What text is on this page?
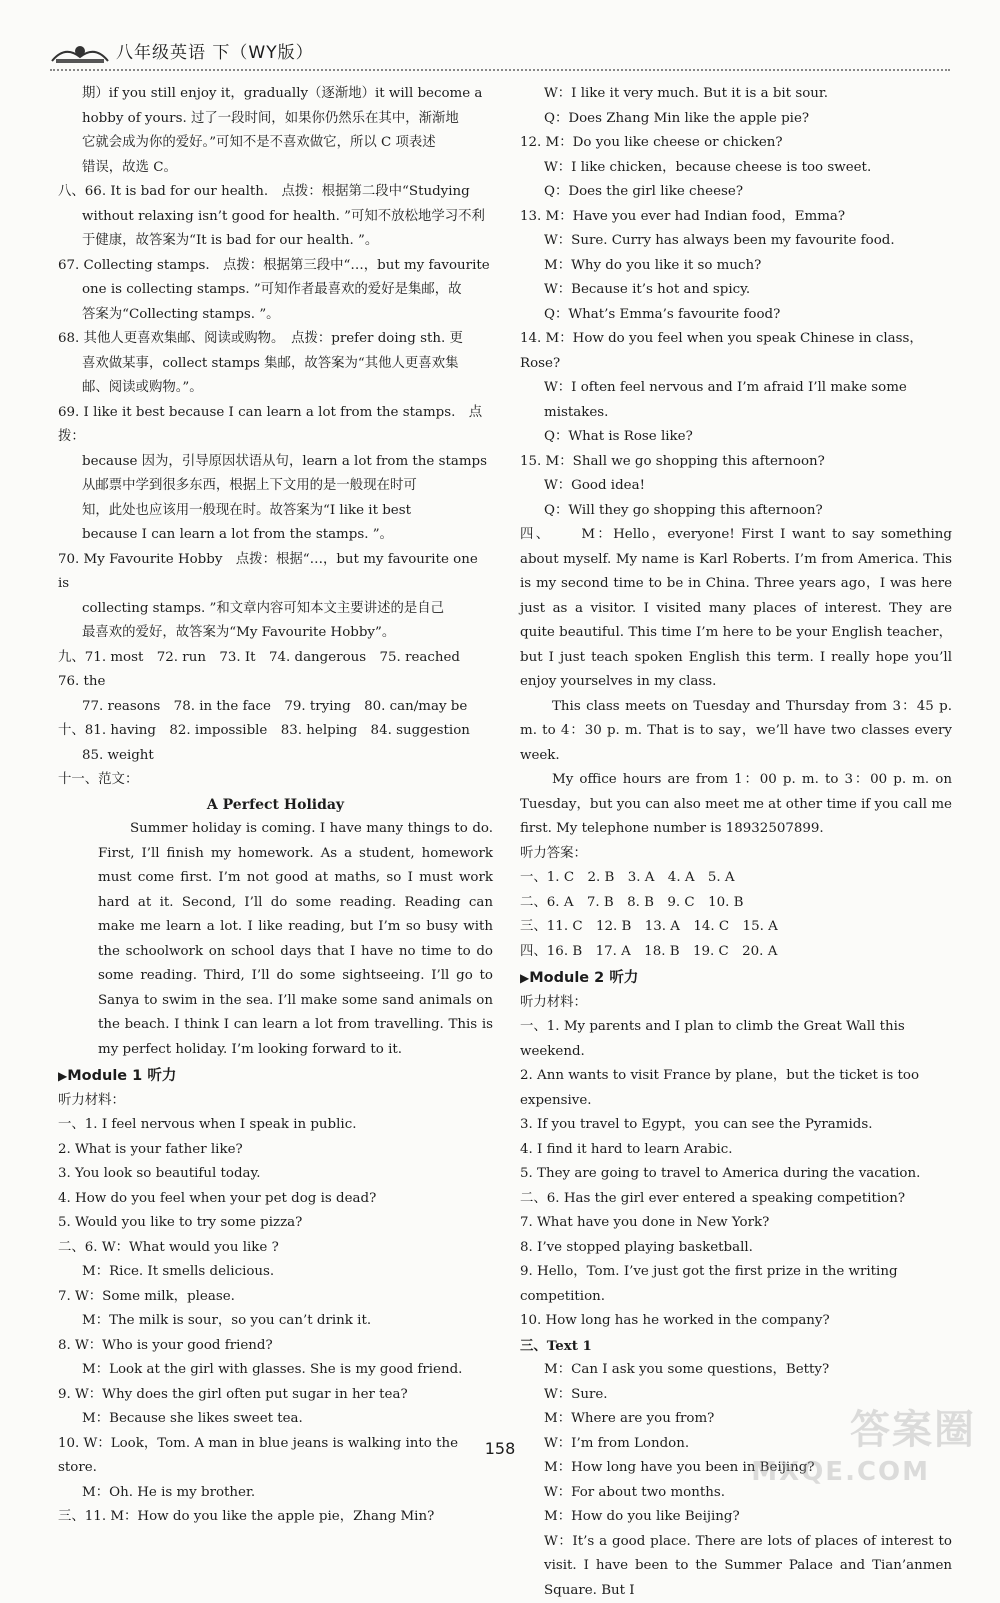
八年级英语 下（WY版）

期）if you still enjoy it，gradually（逐渐地）it will become a

hobby of yours. 过了一段时间，如果你仍然乐在其中，渐渐地

它就会成为你的爱好。”可知不是不喜欢做它，所以 C 项表述

错误，故选 C。

八、66. It is bad for our health.　点拨：根据第二段中“Studying

without relaxing isn’t good for health. ”可知不放松地学习不利

于健康，故答案为“It is bad for our health. ”。

67. Collecting stamps.　点拨：根据第三段中“…，but my favourite

one is collecting stamps. ”可知作者最喜欢的爱好是集邮，故

答案为“Collecting stamps. ”。

68. 其他人更喜欢集邮、阅读或购物。　点拨：prefer doing sth. 更

喜欢做某事，collect stamps 集邮，故答案为“其他人更喜欢集

邮、阅读或购物。”。

69. I like it best because I can learn a lot from the stamps.　点拨：

because 因为，引导原因状语从句，learn a lot from the stamps

从邮票中学到很多东西，根据上下文用的是一般现在时可

知，此处也应该用一般现在时。故答案为“I like it best

because I can learn a lot from the stamps. ”。

70. My Favourite Hobby　点拨：根据“…，but my favourite one is

collecting stamps. ”和文章内容可知本文主要讲述的是自己

最喜欢的爱好，故答案为“My Favourite Hobby”。

九、71. most　72. run　73. It　74. dangerous　75. reached　76. the

77. reasons　78. in the face　79. trying　80. can/may be

十、81. having　82. impossible　83. helping　84. suggestion

85. weight

十一、范文：

A Perfect Holiday

Summer holiday is coming. I have many things to do. First, I’ll finish my homework. As a student, homework must come first. I’m not good at maths, so I must work hard at it. Second, I’ll do some reading. Reading can make me learn a lot. I like reading, but I’m so busy with the schoolwork on school days that I have no time to do some reading. Third, I’ll do some sightseeing. I’ll go to Sanya to swim in the sea. I’ll make some sand animals on the beach. I think I can learn a lot from travelling. This is my perfect holiday. I’m looking forward to it.

▶Module 1 听力

听力材料：

一、1. I feel nervous when I speak in public.

2. What is your father like?

3. You look so beautiful today.

4. How do you feel when your pet dog is dead?

5. Would you like to try some pizza?

二、6. W：What would you like ?

M：Rice. It smells delicious.

7. W：Some milk，please.

M：The milk is sour，so you can’t drink it.

8. W：Who is your good friend?

M：Look at the girl with glasses. She is my good friend.

9. W：Why does the girl often put sugar in her tea?

M：Because she likes sweet tea.

10. W：Look，Tom. A man in blue jeans is walking into the store.

M：Oh. He is my brother.

三、11. M：How do you like the apple pie，Zhang Min?

W：I like it very much. But it is a bit sour.

Q：Does Zhang Min like the apple pie?

12. M：Do you like cheese or chicken?

W：I like chicken，because cheese is too sweet.

Q：Does the girl like cheese?

13. M：Have you ever had Indian food，Emma?

W：Sure. Curry has always been my favourite food.

M：Why do you like it so much?

W：Because it’s hot and spicy.

Q：What’s Emma’s favourite food?

14. M：How do you feel when you speak Chinese in class，Rose?

W：I often feel nervous and I’m afraid I’ll make some mistakes.

Q：What is Rose like?

15. M：Shall we go shopping this afternoon?

W：Good idea!

Q：Will they go shopping this afternoon?

四、 M：Hello，everyone! First I want to say something about myself. My name is Karl Roberts. I’m from America. This is my second time to be in China. Three years ago，I was here just as a visitor. I visited many places of interest. They are quite beautiful. This time I’m here to be your English teacher，but I just teach spoken English this term. I really hope you’ll enjoy yourselves in my class.

This class meets on Tuesday and Thursday from 3：45 p. m. to 4：30 p. m. That is to say，we’ll have two classes every week.

My office hours are from 1：00 p. m. to 3：00 p. m. on Tuesday，but you can also meet me at other time if you call me first. My telephone number is 18932507899.

听力答案：

一、1. C　2. B　3. A　4. A　5. A

二、6. A　7. B　8. B　9. C　10. B

三、11. C　12. B　13. A　14. C　15. A

四、16. B　17. A　18. B　19. C　20. A

▶Module 2 听力

听力材料：

一、1. My parents and I plan to climb the Great Wall this weekend.

2. Ann wants to visit France by plane，but the ticket is too expensive.

3. If you travel to Egypt，you can see the Pyramids.

4. I find it hard to learn Arabic.

5. They are going to travel to America during the vacation.

二、6. Has the girl ever entered a speaking competition?

7. What have you done in New York?

8. I’ve stopped playing basketball.

9. Hello，Tom. I’ve just got the first prize in the writing competition.

10. How long has he worked in the company?

三、Text 1

M：Can I ask you some questions，Betty?

W：Sure.

M：Where are you from?

W：I’m from London.

M：How long have you been in Beijing?

W：For about two months.

M：How do you like Beijing?

W：It’s a good place. There are lots of places of interest to visit. I have been to the Summer Palace and Tian’anmen Square. But I

158	答案圈
MXQE.COM
